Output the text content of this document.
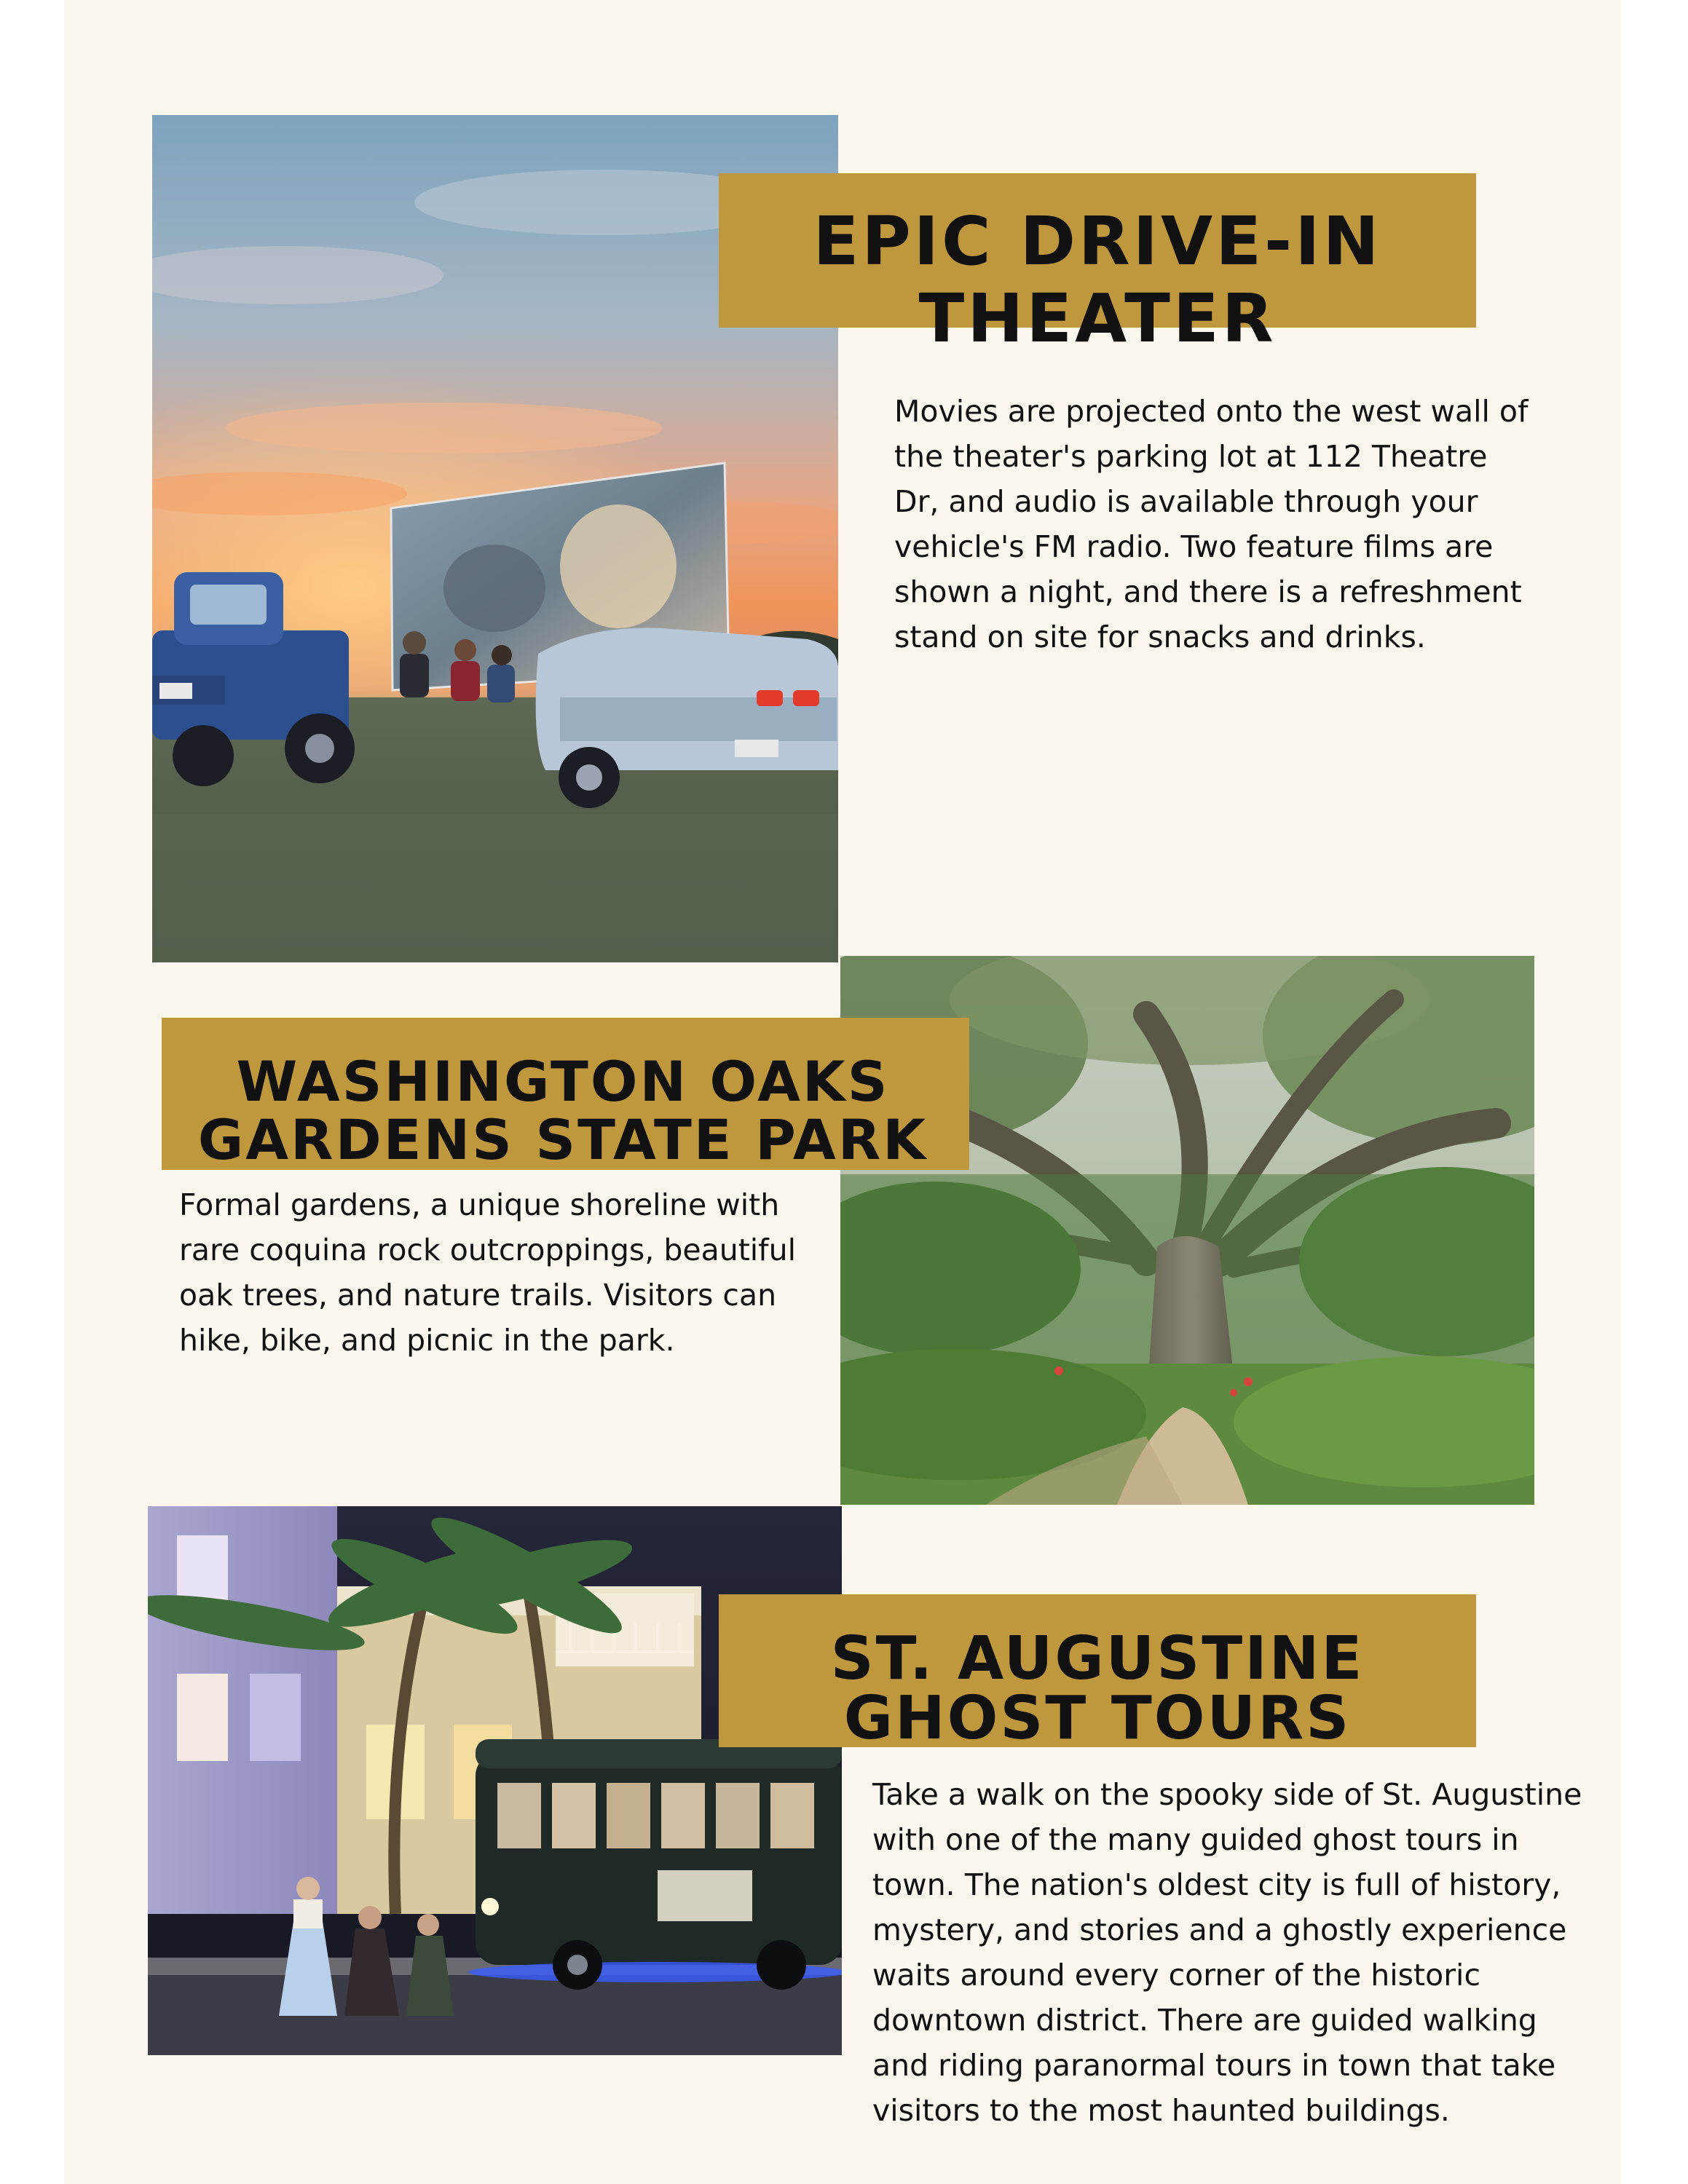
EPIC DRIVE-IN
THEATER

Movies are projected onto the west wall of the theater's parking lot at 112 Theatre Dr, and audio is available through your vehicle's FM radio. Two feature films are shown a night, and there is a refreshment stand on site for snacks and drinks.

WASHINGTON OAKS
GARDENS STATE PARK

Formal gardens, a unique shoreline with rare coquina rock outcroppings, beautiful oak trees, and nature trails. Visitors can hike, bike, and picnic in the park.

ST. AUGUSTINE
GHOST TOURS

Take a walk on the spooky side of St. Augustine with one of the many guided ghost tours in town. The nation's oldest city is full of history, mystery, and stories and a ghostly experience waits around every corner of the historic downtown district. There are guided walking and riding paranormal tours in town that take visitors to the most haunted buildings.
